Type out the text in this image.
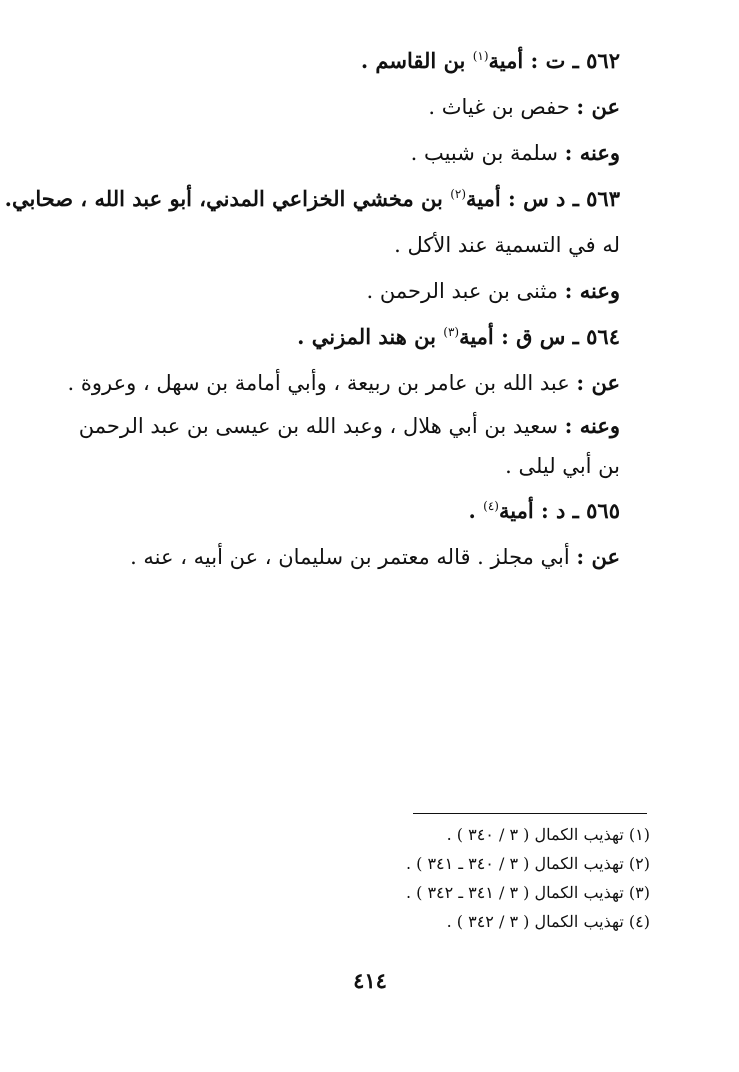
٥٦٢ ـ ت : أمية$^{(١)}$ بن القاسم .
عن : حفص بن غياث .
وعنه : سلمة بن شبيب .
٥٦٣ ـ د س : أمية$^{(٢)}$ بن مخشي الخزاعي المدني، أبو عبد الله ، صحابي.
له في التسمية عند الأكل .
وعنه : مثنى بن عبد الرحمن .
٥٦٤ ـ س ق : أمية$^{(٣)}$ بن هند المزني .
عن : عبد الله بن عامر بن ربيعة ، وأبي أمامة بن سهل ، وعروة .
وعنه : سعيد بن أبي هلال ، وعبد الله بن عيسى بن عبد الرحمن بن أبي ليلى .
٥٦٥ ـ د : أمية$^{(٤)}$ .
عن : أبي مجلز . قاله معتمر بن سليمان ، عن أبيه ، عنه .
(١) تهذيب الكمال ( ٣ / ٣٤٠ ) .
(٢) تهذيب الكمال ( ٣ / ٣٤٠ ـ ٣٤١ ) .
(٣) تهذيب الكمال ( ٣ / ٣٤١ ـ ٣٤٢ ) .
(٤) تهذيب الكمال ( ٣ / ٣٤٢ ) .
٤١٤
